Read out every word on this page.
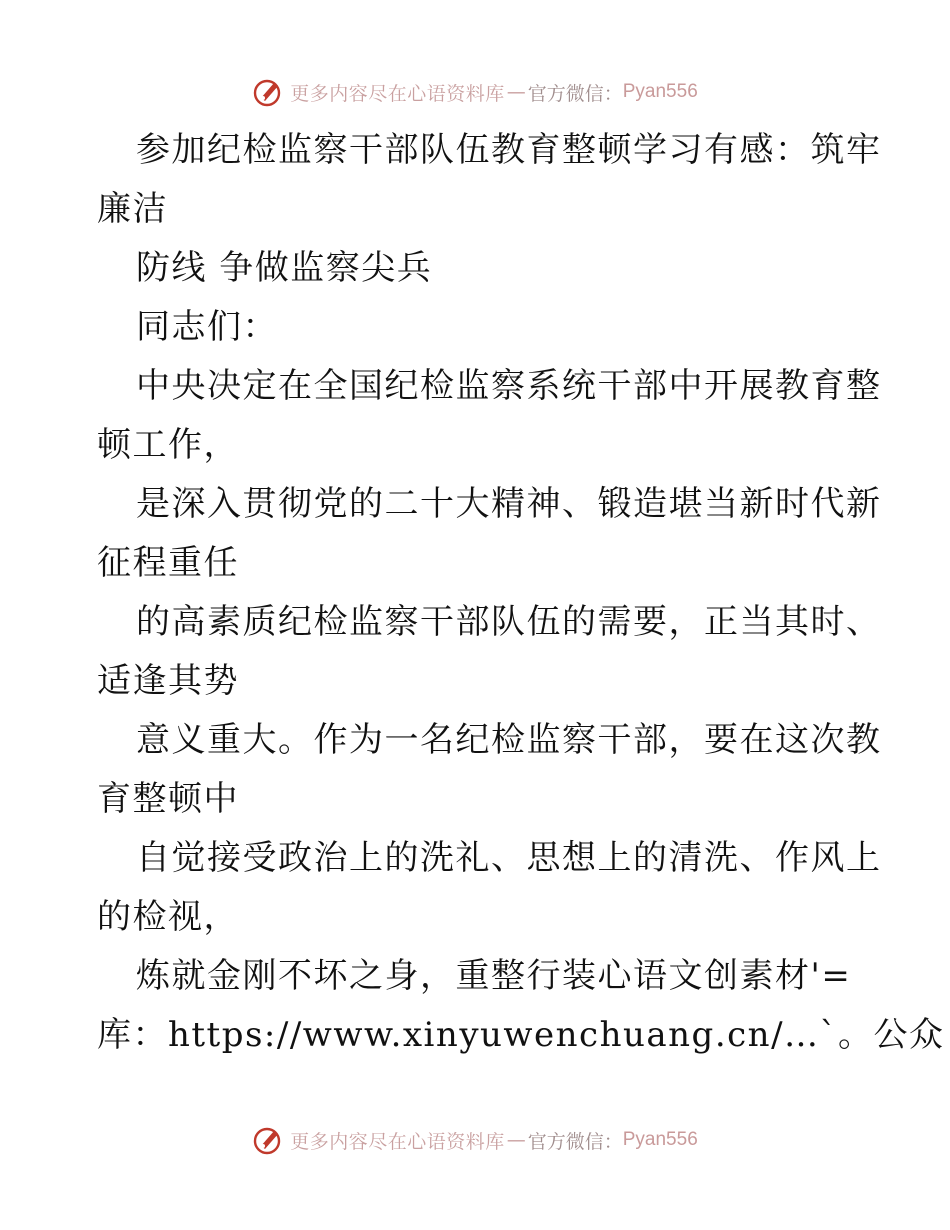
更多内容尽在心语资料库 — 官方微信： Pyan556
参加纪检监察干部队伍教育整顿学习有感：筑牢
廉洁
防线 争做监察尖兵
同志们：
中央决定在全国纪检监察系统干部中开展教育整
顿工作，
是深入贯彻党的二十大精神、锻造堪当新时代新
征程重任
的高素质纪检监察干部队伍的需要，正当其时、
适逢其势
意义重大。作为一名纪检监察干部，要在这次教
育整顿中
自觉接受政治上的洗礼、思想上的清洗、作风上
的检视，
炼就金刚不坏之身，重整行装心语文创素材'=
库：https://www.xinyuwenchuang.cn/…`。公众
更多内容尽在心语资料库 — 官方微信： Pyan556
